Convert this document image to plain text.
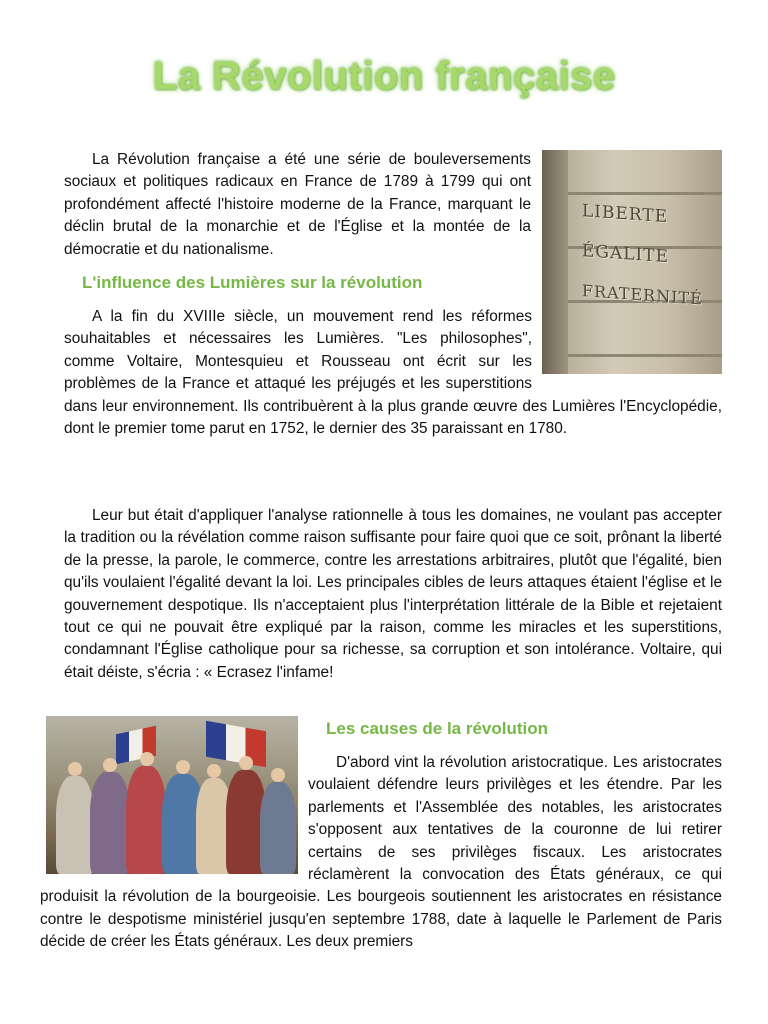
La Révolution française
LIBERTE
ÉGALITE
FRATERNITÉ

La Révolution française a été une série de bouleversements sociaux et politiques radicaux en France de 1789 à 1799 qui ont profondément affecté l'histoire moderne de la France, marquant le déclin brutal de la monarchie et de l'Église et la montée de la démocratie et du nationalisme.

L'influence des Lumières sur la révolution

A la fin du XVIIIe siècle, un mouvement rend les réformes souhaitables et nécessaires les Lumières. "Les philosophes", comme Voltaire, Montesquieu et Rousseau ont écrit sur les problèmes de la France et attaqué les préjugés et les superstitions dans leur environnement. Ils contribuèrent à la plus grande œuvre des Lumières l'Encyclopédie, dont le premier tome parut en 1752, le dernier des 35 paraissant en 1780.

Leur but était d'appliquer l'analyse rationnelle à tous les domaines, ne voulant pas accepter la tradition ou la révélation comme raison suffisante pour faire quoi que ce soit, prônant la liberté de la presse, la parole, le commerce, contre les arrestations arbitraires, plutôt que l'égalité, bien qu'ils voulaient l'égalité devant la loi. Les principales cibles de leurs attaques étaient l'église et le gouvernement despotique. Ils n'acceptaient plus l'interprétation littérale de la Bible et rejetaient tout ce qui ne pouvait être expliqué par la raison, comme les miracles et les superstitions, condamnant l'Église catholique pour sa richesse, sa corruption et son intolérance. Voltaire, qui était déiste, s'écria : « Ecrasez l'infame!

Les causes de la révolution

D'abord vint la révolution aristocratique. Les aristocrates voulaient défendre leurs privilèges et les étendre. Par les parlements et l'Assemblée des notables, les aristocrates s'opposent aux tentatives de la couronne de lui retirer certains de ses privilèges fiscaux. Les aristocrates réclamèrent la convocation des États généraux, ce qui produisit la révolution de la bourgeoisie. Les bourgeois soutiennent les aristocrates en résistance contre le despotisme ministériel jusqu'en septembre 1788, date à laquelle le Parlement de Paris décide de créer les États généraux. Les deux premiers
